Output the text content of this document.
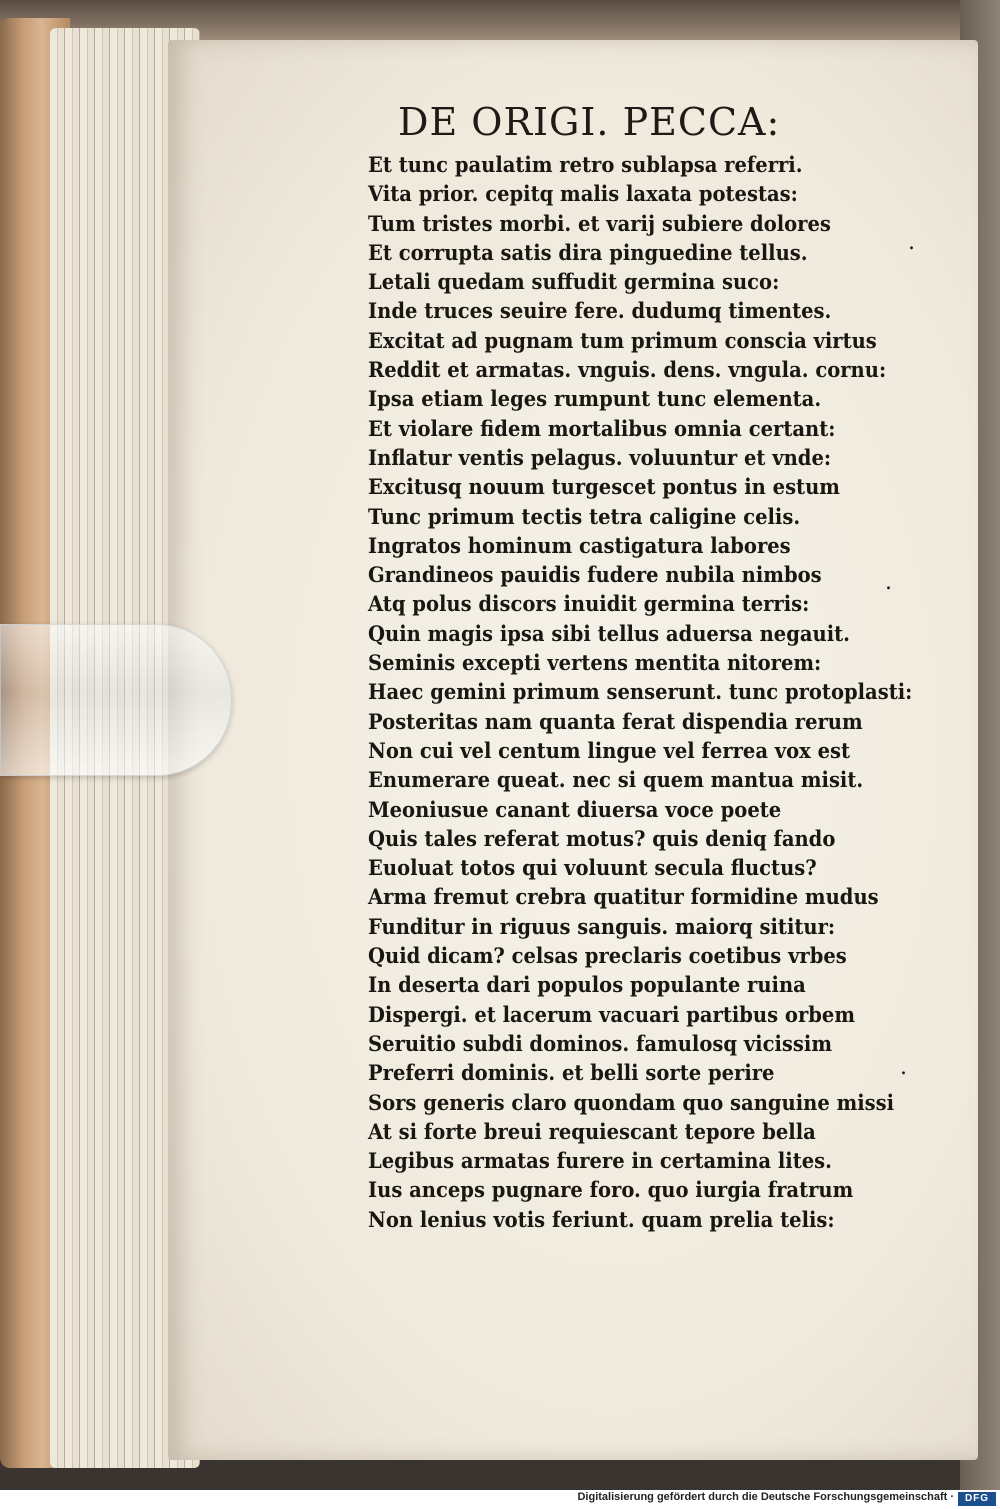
DE ORIGI. PECCA:
Et tunc paulatim retro sublapsa referri.
Vita prior. cepitq malis laxata potestas:
Tum tristes morbi. et varij subiere dolores
Et corrupta satis dira pinguedine tellus.
Letali quedam suffudit germina suco:
Inde truces seuire fere. dudumq timentes.
Excitat ad pugnam tum primum conscia virtus
Reddit et armatas. vnguis. dens. vngula. cornu:
Ipsa etiam leges rumpunt tunc elementa.
Et violare fidem mortalibus omnia certant:
Inflatur ventis pelagus. voluuntur et vnde:
Excitusq nouum turgescet pontus in estum
Tunc primum tectis tetra caligine celis.
Ingratos hominum castigatura labores
Grandineos pauidis fudere nubila nimbos
Atq polus discors inuidit germina terris:
Quin magis ipsa sibi tellus aduersa negauit.
Seminis excepti vertens mentita nitorem:
Haec gemini primum senserunt. tunc protoplasti:
Posteritas nam quanta ferat dispendia rerum
Non cui vel centum lingue vel ferrea vox est
Enumerare queat. nec si quem mantua misit.
Meoniusue canant diuersa voce poete
Quis tales referat motus? quis deniq fando
Euoluat totos qui voluunt secula fluctus?
Arma fremut crebra quatitur formidine mudus
Funditur in riguus sanguis. maiorq sititur:
Quid dicam? celsas preclaris coetibus vrbes
In deserta dari populos populante ruina
Dispergi. et lacerum vacuari partibus orbem
Seruitio subdi dominos. famulosq vicissim
Preferri dominis. et belli sorte perire
Sors generis claro quondam quo sanguine missi
At si forte breui requiescant tepore bella
Legibus armatas furere in certamina lites.
Ius anceps pugnare foro. quo iurgia fratrum
Non lenius votis feriunt. quam prelia telis:
.
.
.
Digitalisierung gefördert durch die Deutsche Forschungsgemeinschaft ·	DFG
